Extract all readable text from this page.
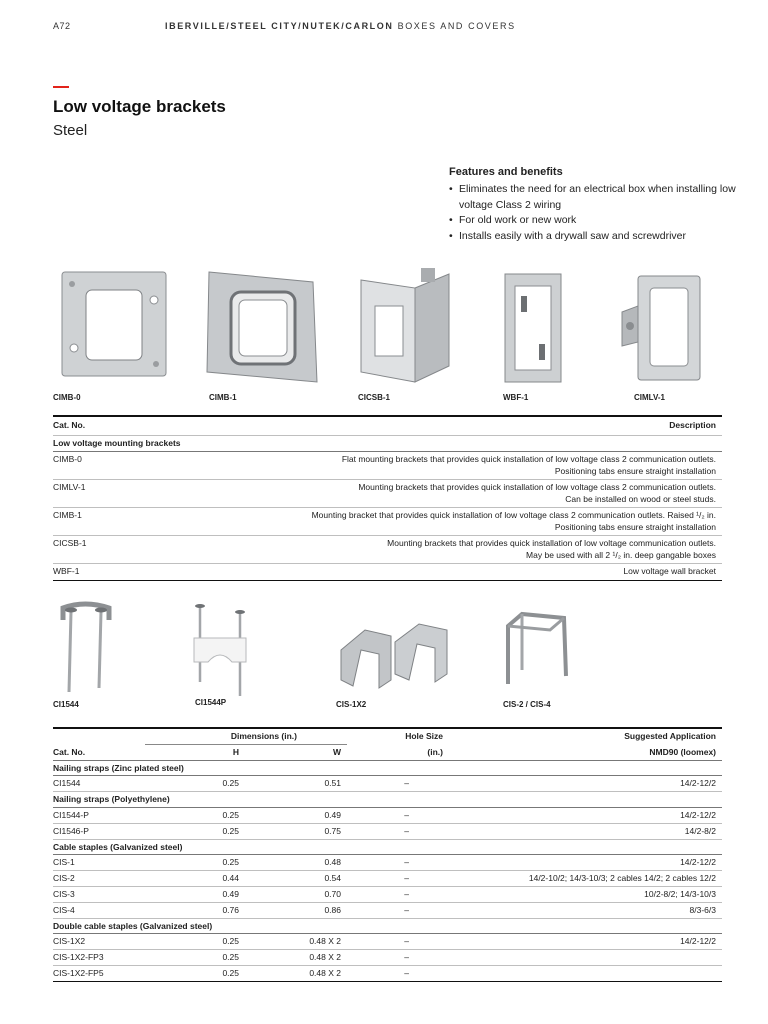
A72	IBERVILLE/STEEL CITY/NUTEK/CARLON BOXES AND COVERS
Low voltage brackets
Steel
Features and benefits
• Eliminates the need for an electrical box when installing low voltage Class 2 wiring
• For old work or new work
• Installs easily with a drywall saw and screwdriver
CIMB-0	CIMB-1	CICSB-1	WBF-1	CIMLV-1
Cat. No.	Description
Low voltage mounting brackets	
CIMB-0	Flat mounting brackets that provides quick installation of low voltage class 2 communication outlets.
Positioning tabs ensure straight installation

CIMLV-1	Mounting brackets that provides quick installation of low voltage class 2 communication outlets.
Can be installed on wood or steel studs.

CIMB-1	Mounting bracket that provides quick installation of low voltage class 2 communication outlets. Raised ¹/₂ in.
Positioning tabs ensure straight installation

CICSB-1	Mounting brackets that provides quick installation of low voltage communication outlets.
May be used with all 2 ¹/₂ in. deep gangable boxes

WBF-1	Low voltage wall bracket
CI1544	CI1544P	CIS-1X2	CIS-2 / CIS-4
	Dimensions (in.)		Hole Size	Suggested Application
Cat. No.	H	W	(in.)	NMD90 (loomex)
Nailing straps (Zinc plated steel)				
CI1544	0.25	0.51	–	14/2-12/2
Nailing straps (Polyethylene)				
CI1544-P	0.25	0.49	–	14/2-12/2
CI1546-P	0.25	0.75	–	14/2-8/2
Cable staples (Galvanized steel)				
CIS-1	0.25	0.48	–	14/2-12/2
CIS-2	0.44	0.54	–	14/2-10/2; 14/3-10/3; 2 cables 14/2; 2 cables 12/2
CIS-3	0.49	0.70	–	10/2-8/2; 14/3-10/3
CIS-4	0.76	0.86	–	8/3-6/3
Double cable staples (Galvanized steel)				
CIS-1X2	0.25	0.48 X 2	–	14/2-12/2
CIS-1X2-FP3	0.25	0.48 X 2	–	
CIS-1X2-FP5	0.25	0.48 X 2	–	
